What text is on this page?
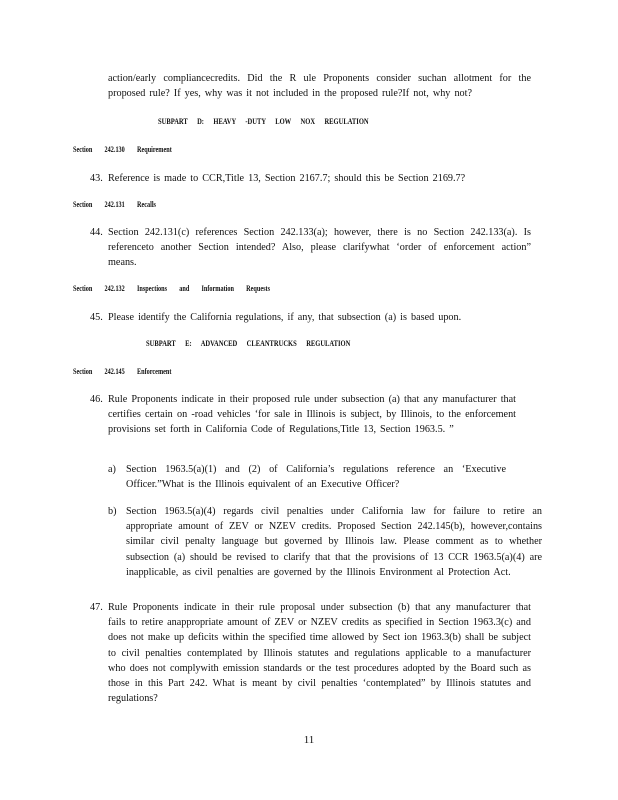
action/early compliancecredits. Did the R ule Proponents consider suchan allotment for the proposed rule? If yes, why was it not included in the proposed rule?If not, why not?

SUBPART D: HEAVY -DUTY LOW NOX REGULATION
Section 242.130 Requirement
43. Reference is made to CCR,Title 13, Section 2167.7; should this be Section 2169.7?

Section 242.131 Recalls
44. Section 242.131(c) references Section 242.133(a); however, there is no Section 242.133(a). Is referenceto another Section intended? Also, please clarifywhat ‘order of enforcement action” means.

Section 242.132 Inspections and Information Requests
45. Please identify the California regulations, if any, that subsection (a) is based upon.

SUBPART E: ADVANCED CLEANTRUCKS REGULATION
Section 242.145 Enforcement
46. Rule Proponents indicate in their proposed rule under subsection (a) that any manufacturer that certifies certain on -road vehicles ‘for sale in Illinois is subject, by Illinois, to the enforcement provisions set forth in California Code of Regulations,Title 13, Section 1963.5. ”

a) Section 1963.5(a)(1) and (2) of California’s regulations reference an ‘Executive Officer.”What is the Illinois equivalent of an Executive Officer?

b) Section 1963.5(a)(4) regards civil penalties under California law for failure to retire an appropriate amount of ZEV or NZEV credits. Proposed Section 242.145(b), however,contains similar civil penalty language but governed by Illinois law. Please comment as to whether subsection (a) should be revised to clarify that that the provisions of 13 CCR 1963.5(a)(4) are inapplicable, as civil penalties are governed by the Illinois Environment al Protection Act.

47. Rule Proponents indicate in their rule proposal under subsection (b) that any manufacturer that fails to retire anappropriate amount of ZEV or NZEV credits as specified in Section 1963.3(c) and does not make up deficits within the specified time allowed by Sect ion 1963.3(b) shall be subject to civil penalties contemplated by Illinois statutes and regulations applicable to a manufacturer who does not complywith emission standards or the test procedures adopted by the Board such as those in this Part 242. What is meant by civil penalties ‘contemplated” by Illinois statutes and regulations?

11
